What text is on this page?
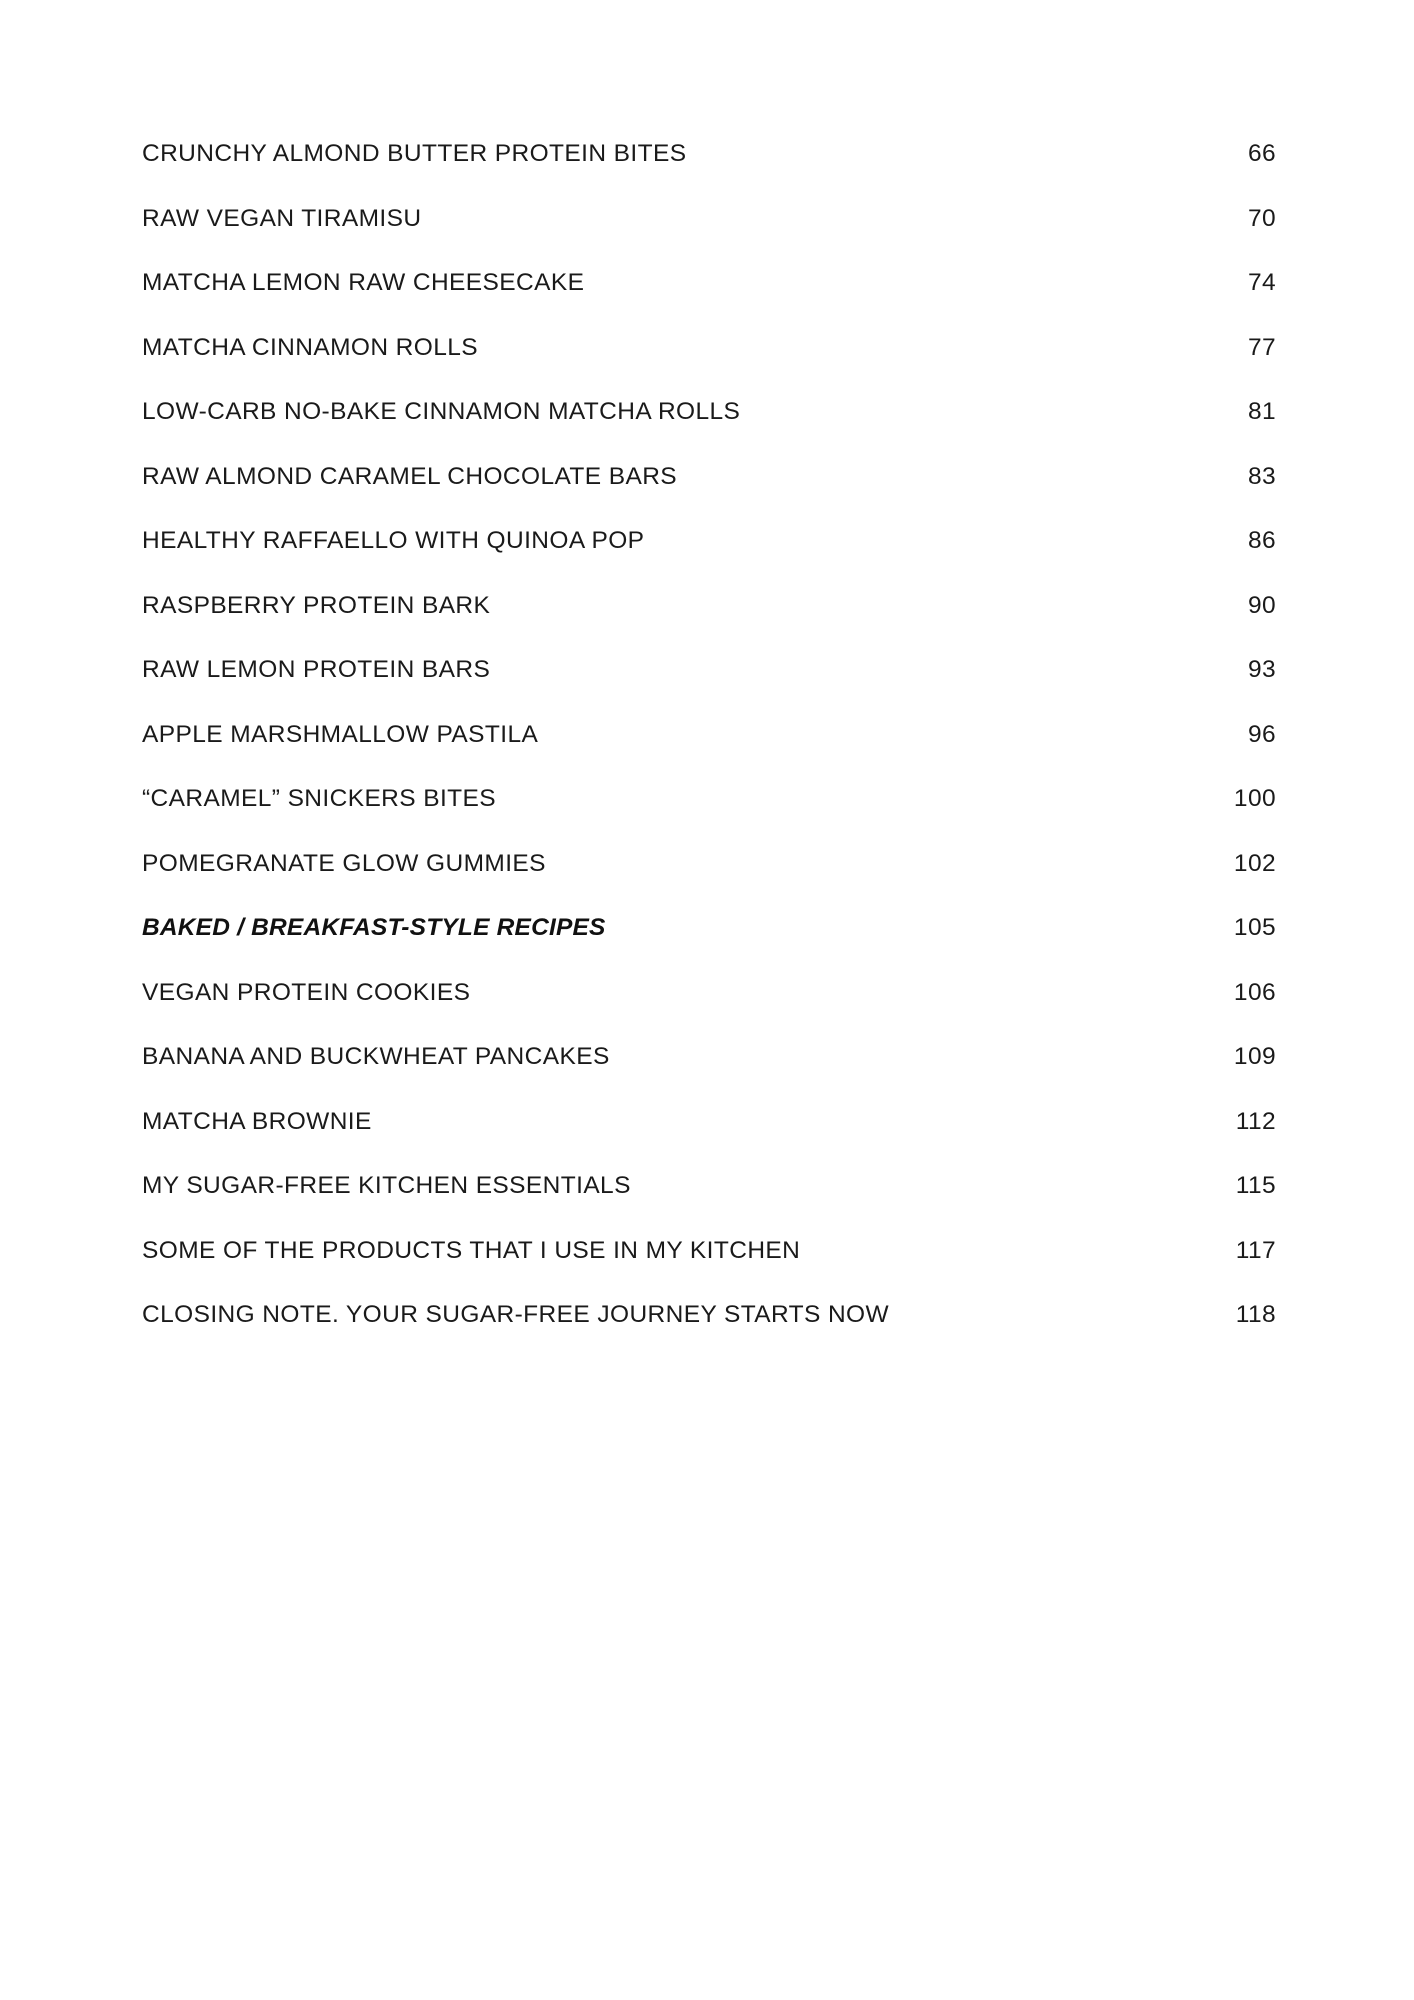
CRUNCHY ALMOND BUTTER PROTEIN BITES	66
RAW VEGAN TIRAMISU	70
MATCHA LEMON RAW CHEESECAKE	74
MATCHA CINNAMON ROLLS	77
LOW-CARB NO-BAKE CINNAMON MATCHA ROLLS	81
RAW ALMOND CARAMEL CHOCOLATE BARS	83
HEALTHY RAFFAELLO WITH QUINOA POP	86
RASPBERRY PROTEIN BARK	90
RAW LEMON PROTEIN BARS	93
APPLE MARSHMALLOW PASTILA	96
“CARAMEL” SNICKERS BITES	100
POMEGRANATE GLOW GUMMIES	102
BAKED / BREAKFAST-STYLE RECIPES	105
VEGAN PROTEIN COOKIES	106
BANANA AND BUCKWHEAT PANCAKES	109
MATCHA BROWNIE	112
MY SUGAR-FREE KITCHEN ESSENTIALS	115
SOME OF THE PRODUCTS THAT I USE IN MY KITCHEN	117
CLOSING NOTE. YOUR SUGAR-FREE JOURNEY STARTS NOW	118
